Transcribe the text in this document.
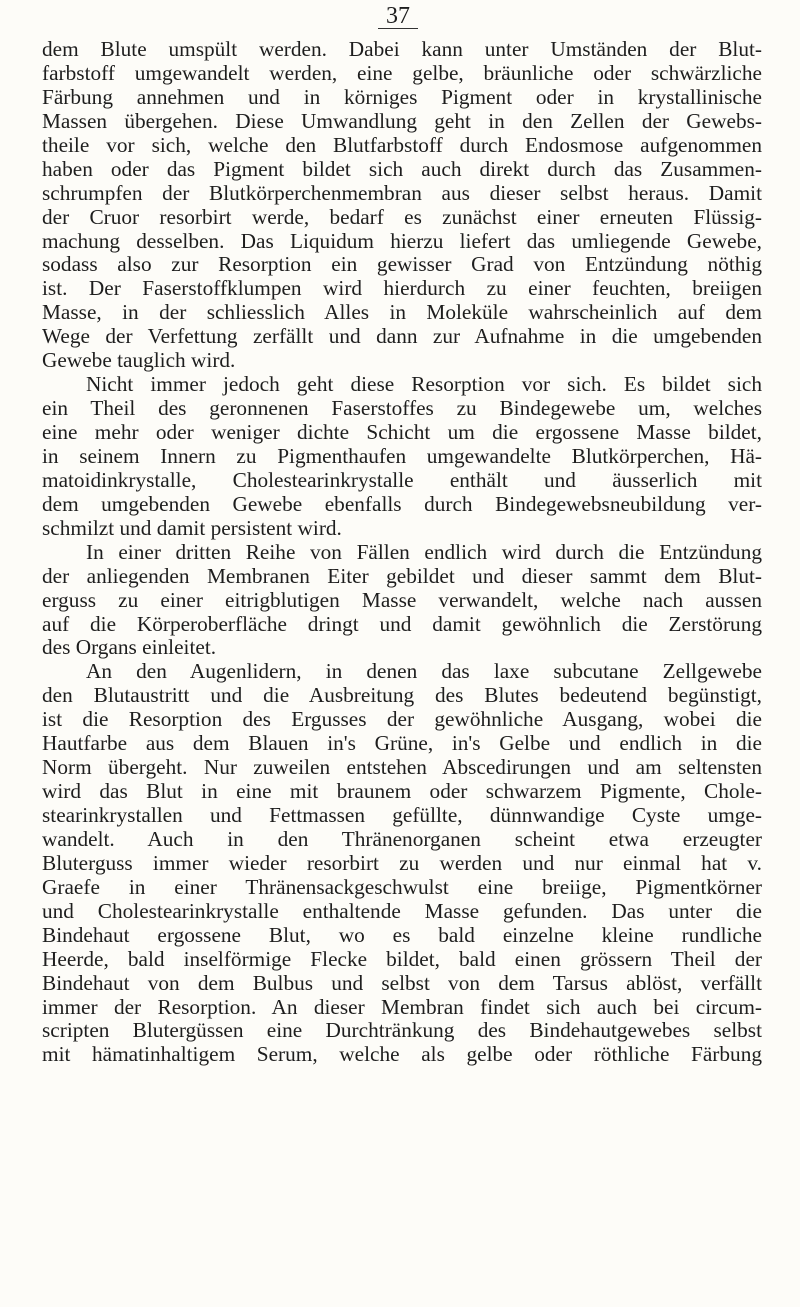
37
dem Blute umspült werden. Dabei kann unter Umständen der Blut-
farbstoff umgewandelt werden, eine gelbe, bräunliche oder schwärzliche
Färbung annehmen und in körniges Pigment oder in krystallinische
Massen übergehen. Diese Umwandlung geht in den Zellen der Gewebs-
theile vor sich, welche den Blutfarbstoff durch Endosmose aufgenommen
haben oder das Pigment bildet sich auch direkt durch das Zusammen-
schrumpfen der Blutkörperchenmembran aus dieser selbst heraus. Damit
der Cruor resorbirt werde, bedarf es zunächst einer erneuten Flüssig-
machung desselben. Das Liquidum hierzu liefert das umliegende Gewebe,
sodass also zur Resorption ein gewisser Grad von Entzündung nöthig
ist. Der Faserstoffklumpen wird hierdurch zu einer feuchten, breiigen
Masse, in der schliesslich Alles in Moleküle wahrscheinlich auf dem
Wege der Verfettung zerfällt und dann zur Aufnahme in die umgebenden
Gewebe tauglich wird.
Nicht immer jedoch geht diese Resorption vor sich. Es bildet sich
ein Theil des geronnenen Faserstoffes zu Bindegewebe um, welches
eine mehr oder weniger dichte Schicht um die ergossene Masse bildet,
in seinem Innern zu Pigmenthaufen umgewandelte Blutkörperchen, Hä-
matoidinkrystalle, Cholestearinkrystalle enthält und äusserlich mit
dem umgebenden Gewebe ebenfalls durch Bindegewebsneubildung ver-
schmilzt und damit persistent wird.
In einer dritten Reihe von Fällen endlich wird durch die Entzündung
der anliegenden Membranen Eiter gebildet und dieser sammt dem Blut-
erguss zu einer eitrigblutigen Masse verwandelt, welche nach aussen
auf die Körperoberfläche dringt und damit gewöhnlich die Zerstörung
des Organs einleitet.
An den Augenlidern, in denen das laxe subcutane Zellgewebe
den Blutaustritt und die Ausbreitung des Blutes bedeutend begünstigt,
ist die Resorption des Ergusses der gewöhnliche Ausgang, wobei die
Hautfarbe aus dem Blauen in's Grüne, in's Gelbe und endlich in die
Norm übergeht. Nur zuweilen entstehen Abscedirungen und am seltensten
wird das Blut in eine mit braunem oder schwarzem Pigmente, Chole-
stearinkrystallen und Fettmassen gefüllte, dünnwandige Cyste umge-
wandelt. Auch in den Thränenorganen scheint etwa erzeugter
Bluterguss immer wieder resorbirt zu werden und nur einmal hat v.
Graefe in einer Thränensackgeschwulst eine breiige, Pigmentkörner
und Cholestearinkrystalle enthaltende Masse gefunden. Das unter die
Bindehaut ergossene Blut, wo es bald einzelne kleine rundliche
Heerde, bald inselförmige Flecke bildet, bald einen grössern Theil der
Bindehaut von dem Bulbus und selbst von dem Tarsus ablöst, verfällt
immer der Resorption. An dieser Membran findet sich auch bei circum-
scripten Blutergüssen eine Durchtränkung des Bindehautgewebes selbst
mit hämatinhaltigem Serum, welche als gelbe oder röthliche Färbung
